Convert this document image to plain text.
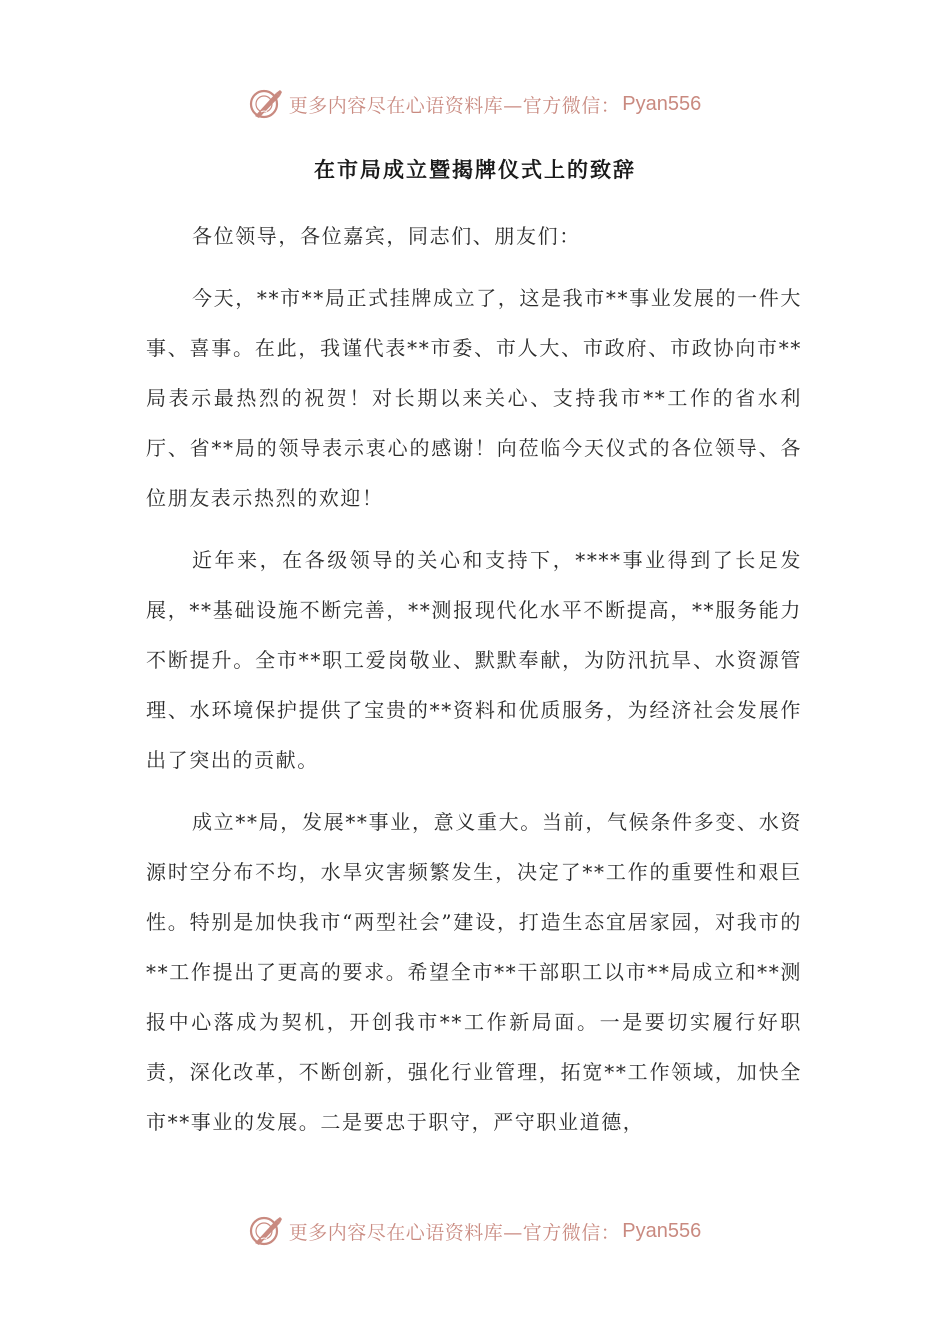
更多内容尽在心语资料库—官方微信： Pyan556
在市局成立暨揭牌仪式上的致辞

各位领导，各位嘉宾，同志们、朋友们：

今天，**市**局正式挂牌成立了，这是我市**事业发展的一件大事、喜事。在此，我谨代表**市委、市人大、市政府、市政协向市**局表示最热烈的祝贺！对长期以来关心、支持我市**工作的省水利厅、省**局的领导表示衷心的感谢！向莅临今天仪式的各位领导、各位朋友表示热烈的欢迎！

近年来，在各级领导的关心和支持下，****事业得到了长足发展，**基础设施不断完善，**测报现代化水平不断提高，**服务能力不断提升。全市**职工爱岗敬业、默默奉献，为防汛抗旱、水资源管理、水环境保护提供了宝贵的**资料和优质服务，为经济社会发展作出了突出的贡献。

成立**局，发展**事业，意义重大。当前，气候条件多变、水资源时空分布不均，水旱灾害频繁发生，决定了**工作的重要性和艰巨性。特别是加快我市“两型社会”建设，打造生态宜居家园，对我市的**工作提出了更高的要求。希望全市**干部职工以市**局成立和**测报中心落成为契机，开创我市**工作新局面。一是要切实履行好职责，深化改革，不断创新，强化行业管理，拓宽**工作领域，加快全市**事业的发展。二是要忠于职守，严守职业道德，

更多内容尽在心语资料库—官方微信： Pyan556
